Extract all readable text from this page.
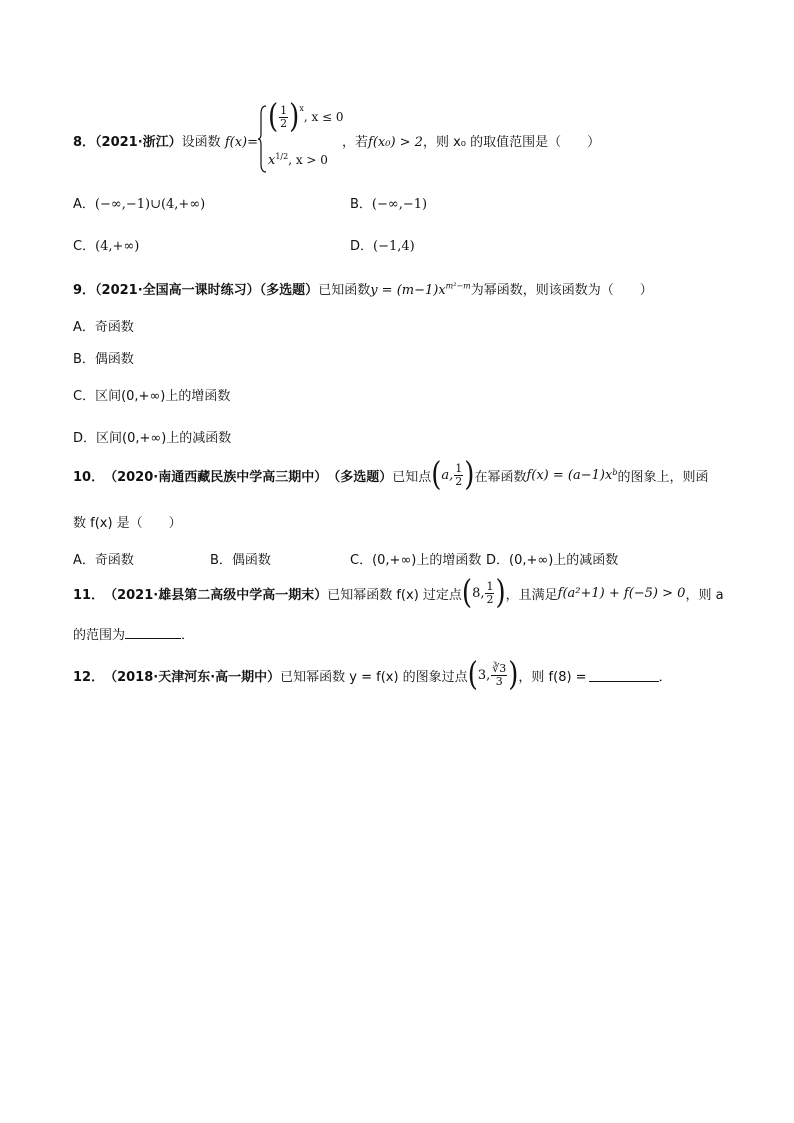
8．（2021·浙江）设函数 f(x)=
( $\frac{1}{2}$ ) x
, x ≤ 0
$x^{1/2}$, x > 0
，若f(x₀) > 2，则 x₀ 的取值范围是（　　）
A．(−∞,−1)∪(4,+∞)	B．(−∞,−1)
C．(4,+∞)	D．(−1,4)
9．（2021·全国高一课时练习）（多选题）已知函数$y = (m-1)x^{m^2-m}$为幂函数，则该函数为（　　）
A．奇函数
B．偶函数
C．区间(0,+∞)上的增函数
D．区间(0,+∞)上的减函数
10． （2020·南通西藏民族中学高三期中） （多选题） 已知点 ( a, $\frac{1}{2}$ ) 在幂函数 f(x) = (a−1)x b 的图象上，则函
数 f(x) 是（　　）
A．奇函数	B．偶函数	C．(0,+∞)上的增函数 D．(0,+∞)上的减函数
11． （2021·雄县第二高级中学高一期末） 已知幂函数 f(x) 过定点 ( 8, $\frac{1}{2}$ ) ，且满足 f(a²+1) + f(−5) > 0 ，则 a
的范围为	．
12． （2018·天津河东·高一期中） 已知幂函数 y = f(x) 的图象过点 ( 3, $\frac{∛3}{3}$ ) ，则 f(8) =	．
